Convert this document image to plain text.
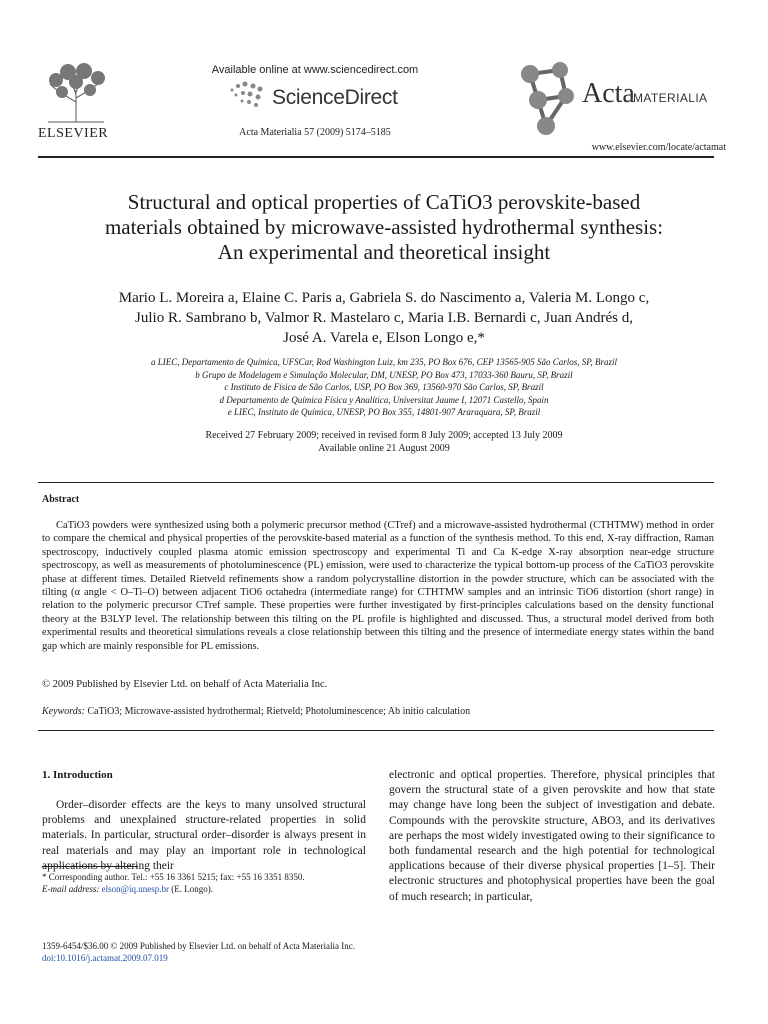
ELSEVIER
Available online at www.sciencedirect.com
ScienceDirect
Acta Materialia 57 (2009) 5174–5185
Acta
MATERIALIA
www.elsevier.com/locate/actamat
Structural and optical properties of CaTiO3 perovskite-based
materials obtained by microwave-assisted hydrothermal synthesis:
An experimental and theoretical insight
Mario L. Moreira a, Elaine C. Paris a, Gabriela S. do Nascimento a, Valeria M. Longo c,
Julio R. Sambrano b, Valmor R. Mastelaro c, Maria I.B. Bernardi c, Juan Andrés d,
José A. Varela e, Elson Longo e,*
a LIEC, Departamento de Química, UFSCar, Rod Washington Luiz, km 235, PO Box 676, CEP 13565-905 São Carlos, SP, Brazil
b Grupo de Modelagem e Simulação Molecular, DM, UNESP, PO Box 473, 17033-360 Bauru, SP, Brazil
c Instituto de Física de São Carlos, USP, PO Box 369, 13560-970 São Carlos, SP, Brazil
d Departamento de Química Física y Analítica, Universitat Jaume I, 12071 Castello, Spain
e LIEC, Instituto de Química, UNESP, PO Box 355, 14801-907 Araraquara, SP, Brazil
Received 27 February 2009; received in revised form 8 July 2009; accepted 13 July 2009
Available online 21 August 2009
Abstract
CaTiO3 powders were synthesized using both a polymeric precursor method (CTref) and a microwave-assisted hydrothermal (CTHTMW) method in order to compare the chemical and physical properties of the perovskite-based material as a function of the synthesis method. To this end, X-ray diffraction, Raman spectroscopy, inductively coupled plasma atomic emission spectroscopy and experimental Ti and Ca K-edge X-ray absorption near-edge structure spectroscopy, as well as measurements of photoluminescence (PL) emission, were used to characterize the typical bottom-up process of the CaTiO3 perovskite phase at different times. Detailed Rietveld refinements show a random polycrystalline distortion in the powder structure, which can be associated with the tilting (α angle < O–Ti–O) between adjacent TiO6 octahedra (intermediate range) for CTHTMW samples and an intrinsic TiO6 distortion (short range) in relation to the polymeric precursor CTref sample. These properties were further investigated by first-principles calculations based on the density functional theory at the B3LYP level. The relationship between this tilting on the PL profile is highlighted and discussed. Thus, a structural model derived from both experimental results and theoretical simulations reveals a close relationship between this tilting and the presence of intermediate energy states within the band gap which are mainly responsible for PL emissions.
© 2009 Published by Elsevier Ltd. on behalf of Acta Materialia Inc.
Keywords: CaTiO3; Microwave-assisted hydrothermal; Rietveld; Photoluminescence; Ab initio calculation
1. Introduction
Order–disorder effects are the keys to many unsolved structural problems and unexplained structure-related properties in solid materials. In particular, structural order–disorder is always present in real materials and may play an important role in technological applications by altering their
electronic and optical properties. Therefore, physical principles that govern the structural state of a given perovskite and how that state may change have long been the subject of investigation and debate. Compounds with the perovskite structure, ABO3, and its derivatives are perhaps the most widely investigated owing to their significance to both fundamental research and the high potential for technological applications because of their diverse physical properties [1–5]. Their electronic structures and photophysical properties have been the goal of much research; in particular,
* Corresponding author. Tel.: +55 16 3361 5215; fax: +55 16 3351 8350.
E-mail address: elson@iq.unesp.br (E. Longo).
1359-6454/$36.00 © 2009 Published by Elsevier Ltd. on behalf of Acta Materialia Inc.
doi:10.1016/j.actamat.2009.07.019
